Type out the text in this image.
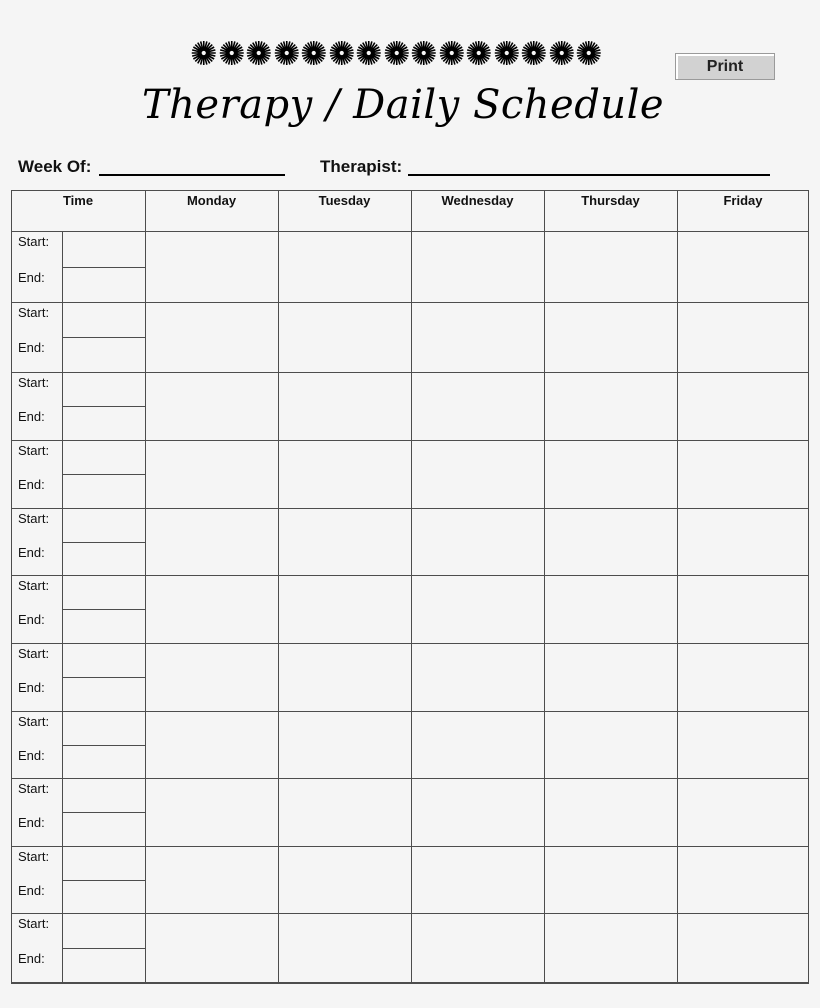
Print
Therapy / Daily Schedule
Week Of:	Therapist:
Time	Monday	Tuesday	Wednesday	Thursday	Friday
Start:
End:
Start:
End:
Start:
End:
Start:
End:
Start:
End:
Start:
End:
Start:
End:
Start:
End:
Start:
End:
Start:
End:
Start:
End:
